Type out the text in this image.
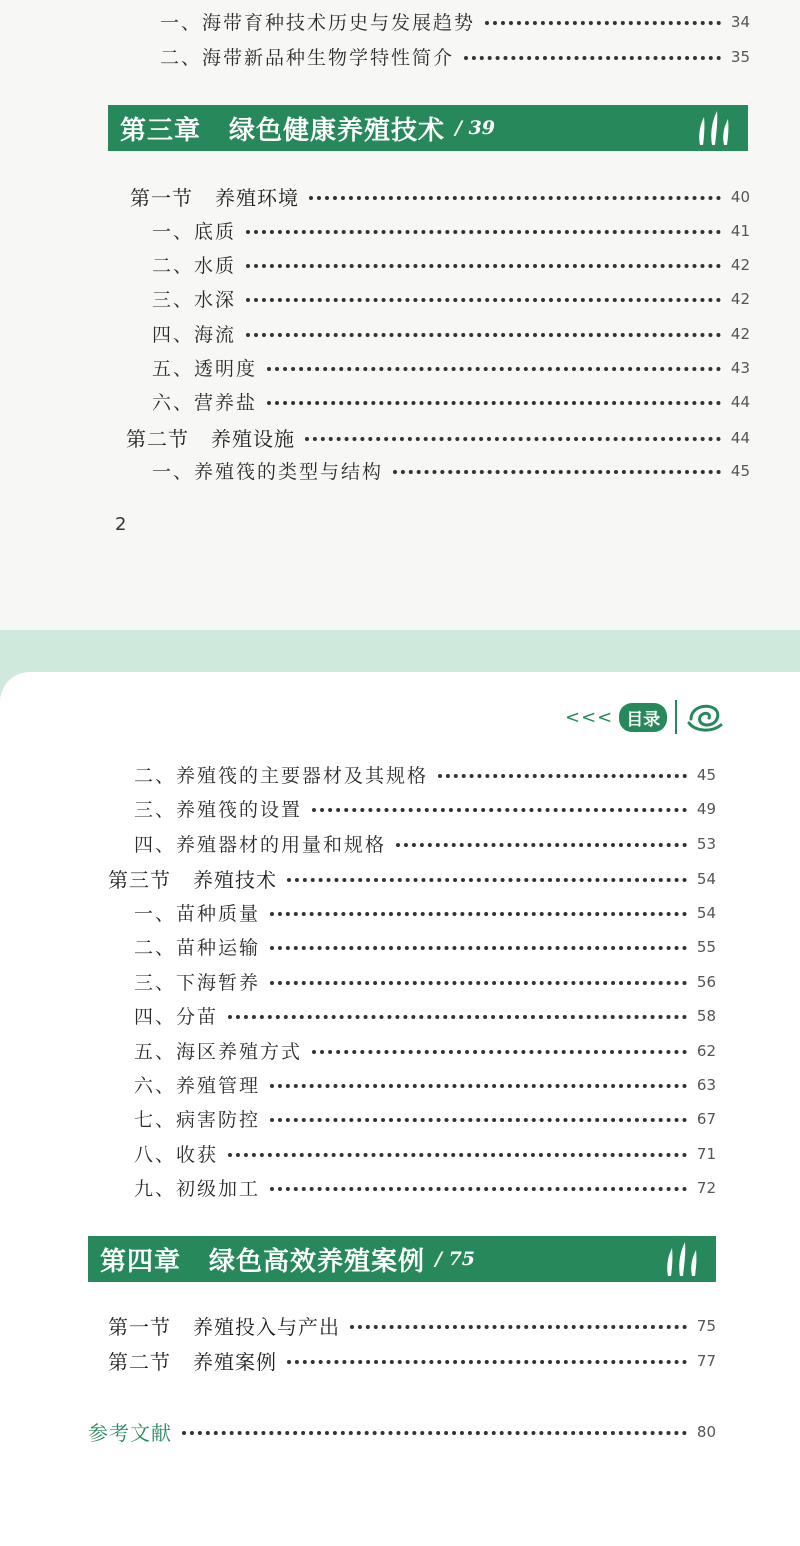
一、海带育种技术历史与发展趋势	34
二、海带新品种生物学特性简介	35
第三章 绿色健康养殖技术 / 39
第一节 养殖环境	40
一、底质	41
二、水质	42
三、水深	42
四、海流	42
五、透明度	43
六、营养盐	44
第二节 养殖设施	44
一、养殖筏的类型与结构	45
2
<<< 目录
二、养殖筏的主要器材及其规格	45
三、养殖筏的设置	49
四、养殖器材的用量和规格	53
第三节 养殖技术	54
一、苗种质量	54
二、苗种运输	55
三、下海暂养	56
四、分苗	58
五、海区养殖方式	62
六、养殖管理	63
七、病害防控	67
八、收获	71
九、初级加工	72
第四章 绿色高效养殖案例 / 75
第一节 养殖投入与产出	75
第二节 养殖案例	77
参考文献	80
